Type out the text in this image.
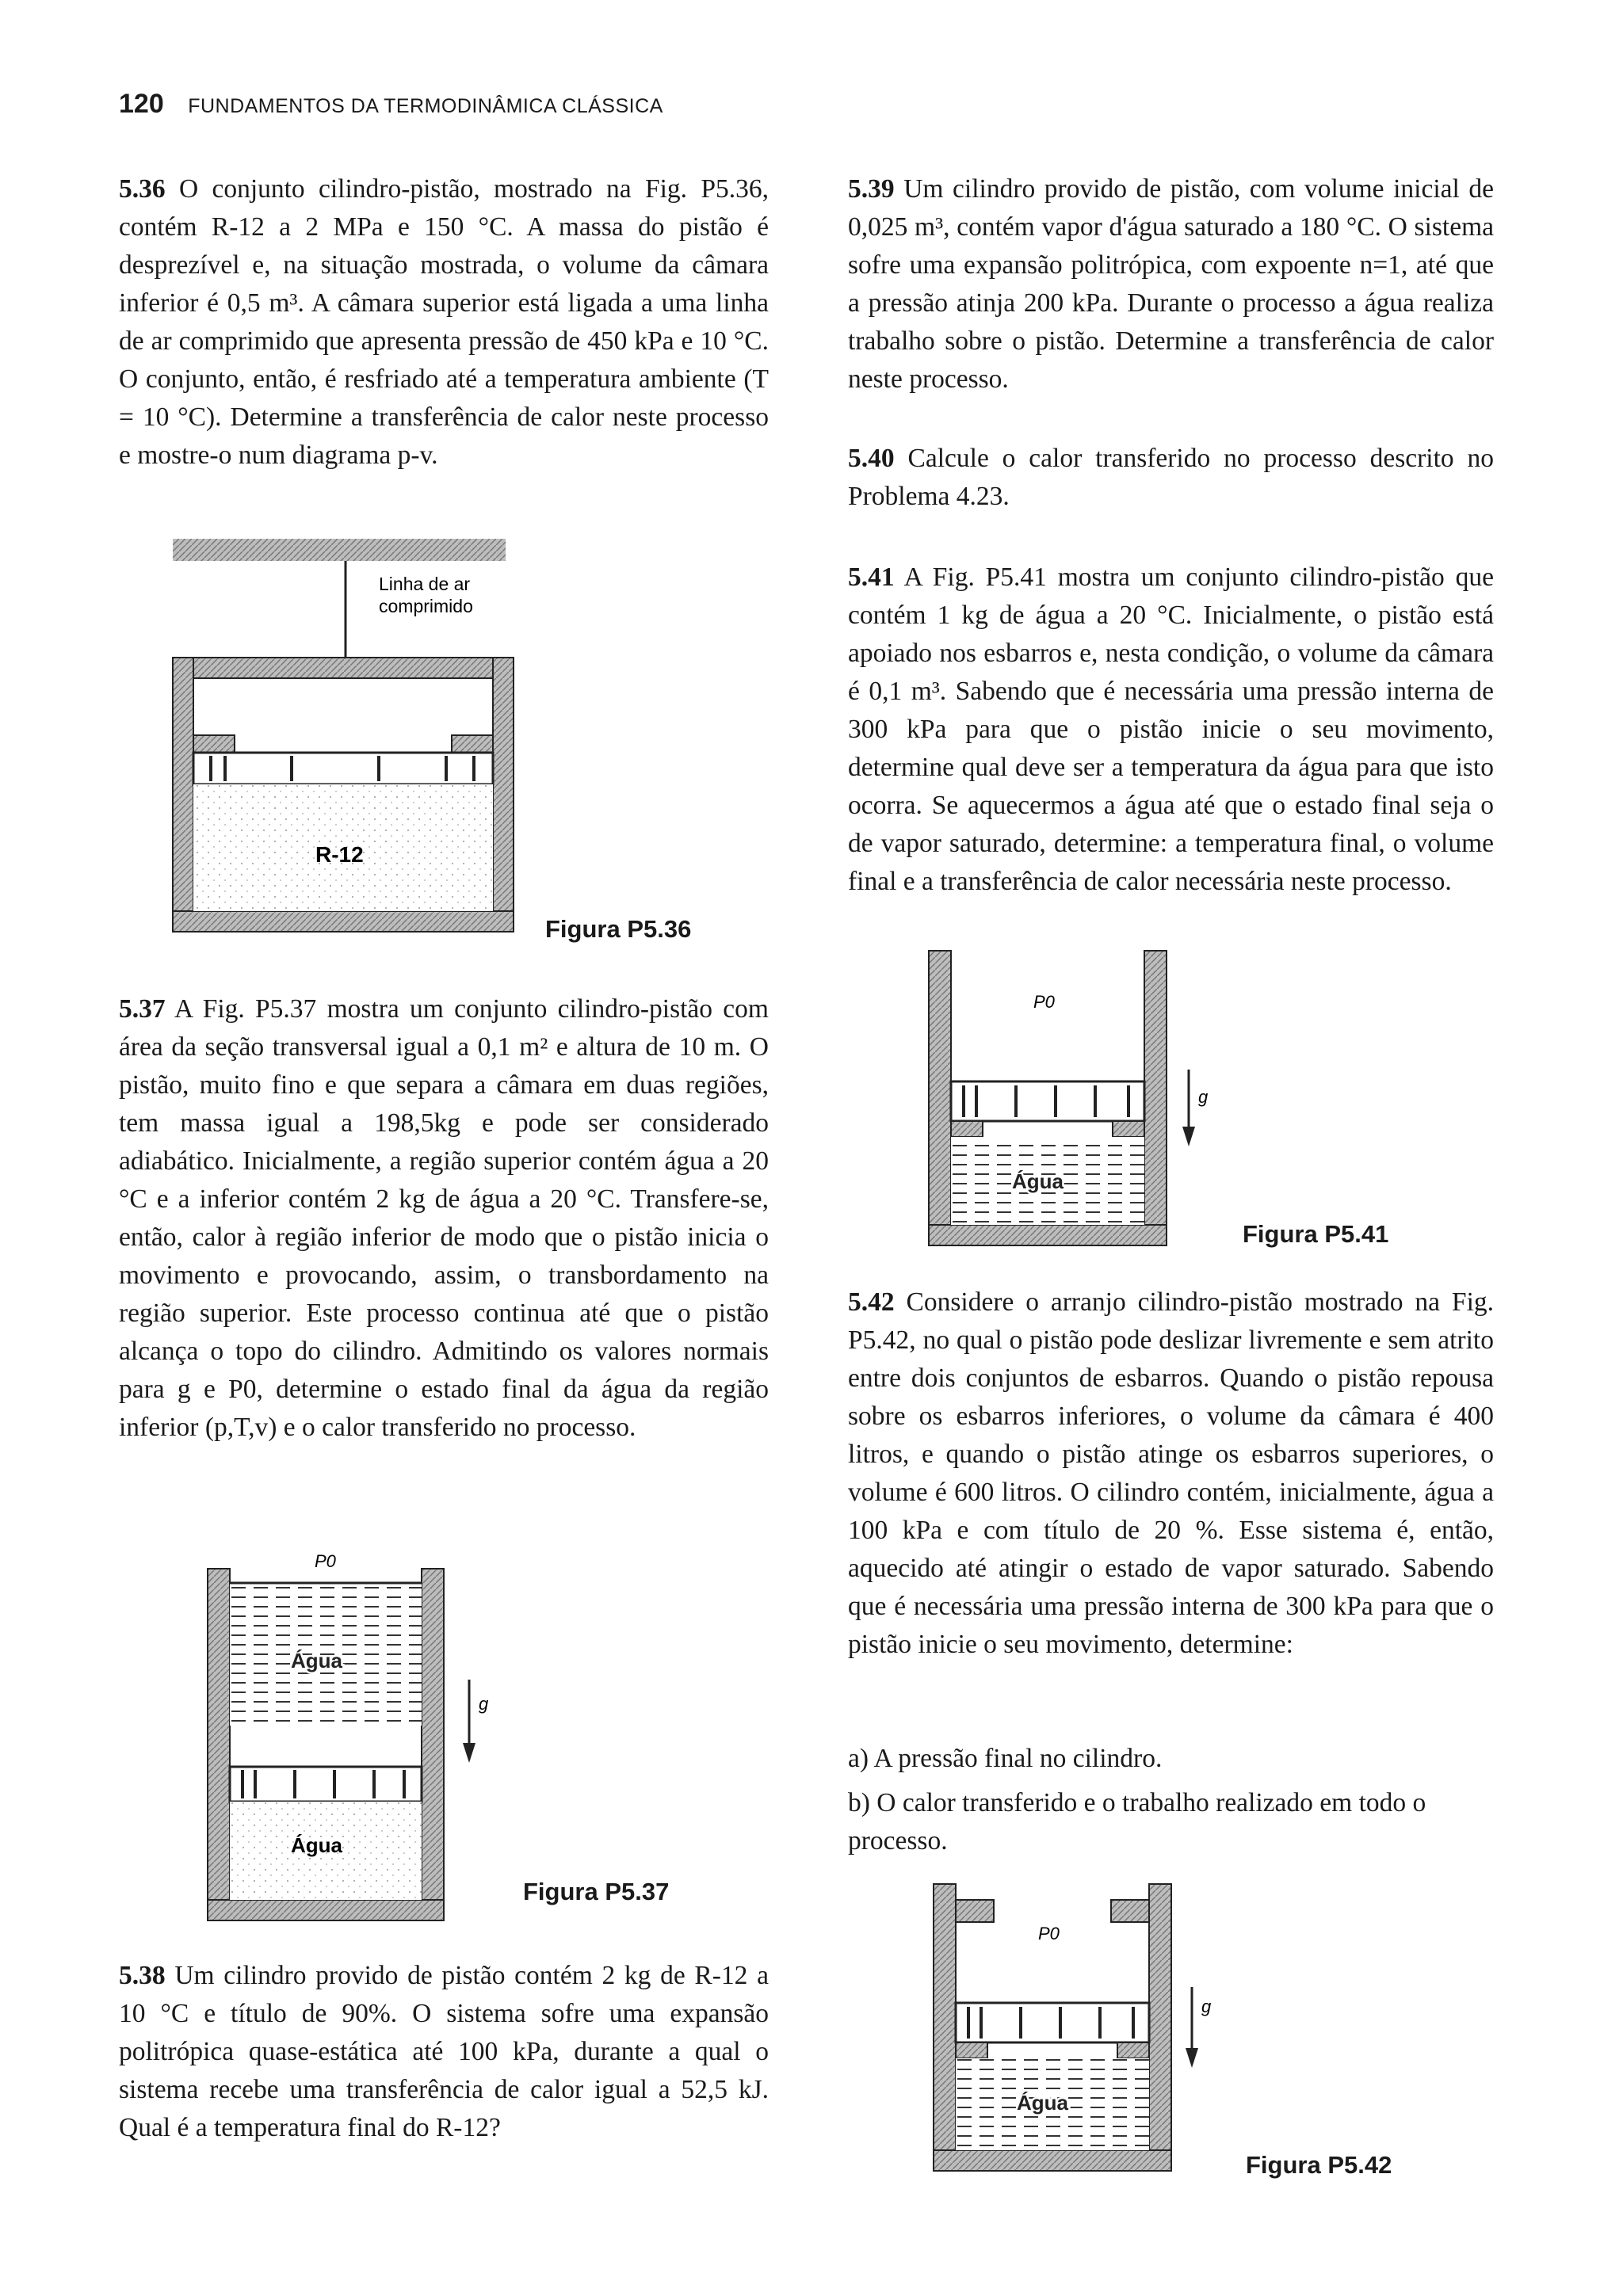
120 FUNDAMENTOS DA TERMODINÂMICA CLÁSSICA

5.36 O conjunto cilindro-pistão, mostrado na Fig. P5.36, contém R-12 a 2 MPa e 150 °C. A massa do pistão é desprezível e, na situação mostrada, o volume da câmara inferior é 0,5 m³. A câmara superior está ligada a uma linha de ar comprimido que apresenta pressão de 450 kPa e 10 °C. O conjunto, então, é resfriado até a temperatura ambiente (T = 10 °C). Determine a transferência de calor neste processo e mostre-o num diagrama p-v.

Linha de ar
comprimido
R-12
Figura P5.36

5.37 A Fig. P5.37 mostra um conjunto cilindro-pistão com área da seção transversal igual a 0,1 m² e altura de 10 m. O pistão, muito fino e que separa a câmara em duas regiões, tem massa igual a 198,5kg e pode ser considerado adiabático. Inicialmente, a região superior contém água a 20 °C e a inferior contém 2 kg de água a 20 °C. Transfere-se, então, calor à região inferior de modo que o pistão inicia o movimento e provocando, assim, o transbordamento na região superior. Este processo continua até que o pistão alcança o topo do cilindro. Admitindo os valores normais para g e P0, determine o estado final da água da região inferior (p,T,v) e o calor transferido no processo.

P0
Água
Água
g
Figura P5.37

5.38 Um cilindro provido de pistão contém 2 kg de R-12 a 10 °C e título de 90%. O sistema sofre uma expansão politrópica quase-estática até 100 kPa, durante a qual o sistema recebe uma transferência de calor igual a 52,5 kJ. Qual é a temperatura final do R-12?

5.39 Um cilindro provido de pistão, com volume inicial de 0,025 m³, contém vapor d'água saturado a 180 °C. O sistema sofre uma expansão politrópica, com expoente n=1, até que a pressão atinja 200 kPa. Durante o processo a água realiza trabalho sobre o pistão. Determine a transferência de calor neste processo.

5.40 Calcule o calor transferido no processo descrito no Problema 4.23.

5.41 A Fig. P5.41 mostra um conjunto cilindro-pistão que contém 1 kg de água a 20 °C. Inicialmente, o pistão está apoiado nos esbarros e, nesta condição, o volume da câmara é 0,1 m³. Sabendo que é necessária uma pressão interna de 300 kPa para que o pistão inicie o seu movimento, determine qual deve ser a temperatura da água para que isto ocorra. Se aquecermos a água até que o estado final seja o de vapor saturado, determine: a temperatura final, o volume final e a transferência de calor necessária neste processo.

P0
Água
g
Figura P5.41

5.42 Considere o arranjo cilindro-pistão mostrado na Fig. P5.42, no qual o pistão pode deslizar livremente e sem atrito entre dois conjuntos de esbarros. Quando o pistão repousa sobre os esbarros inferiores, o volume da câmara é 400 litros, e quando o pistão atinge os esbarros superiores, o volume é 600 litros. O cilindro contém, inicialmente, água a 100 kPa e com título de 20 %. Esse sistema é, então, aquecido até atingir o estado de vapor saturado. Sabendo que é necessária uma pressão interna de 300 kPa para que o pistão inicie o seu movimento, determine:

a) A pressão final no cilindro.

b) O calor transferido e o trabalho realizado em todo o processo.

P0
Água
g
Figura P5.42
